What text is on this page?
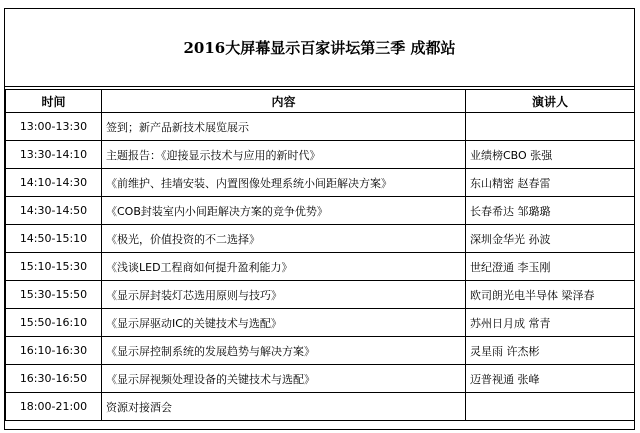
2016大屏幕显示百家讲坛第三季 成都站
时间	内容	演讲人
13:00-13:30	签到；新产品新技术展览展示	
13:30-14:10	主题报告：《迎接显示技术与应用的新时代》	业绩榜CBO 张强
14:10-14:30	《前维护、挂墙安装、内置图像处理系统小间距解决方案》	东山精密 赵春雷
14:30-14:50	《COB封装室内小间距解决方案的竞争优势》	长春希达 邹璐璐
14:50-15:10	《极光，价值投资的不二选择》	深圳金华光 孙波
15:10-15:30	《浅谈LED工程商如何提升盈利能力》	世纪澄通 李玉刚
15:30-15:50	《显示屏封装灯芯选用原则与技巧》	欧司朗光电半导体 梁泽春
15:50-16:10	《显示屏驱动IC的关键技术与选配》	苏州日月成 常青
16:10-16:30	《显示屏控制系统的发展趋势与解决方案》	灵星雨 许杰彬
16:30-16:50	《显示屏视频处理设备的关键技术与选配》	迈普视通 张峰
18:00-21:00	资源对接酒会	
